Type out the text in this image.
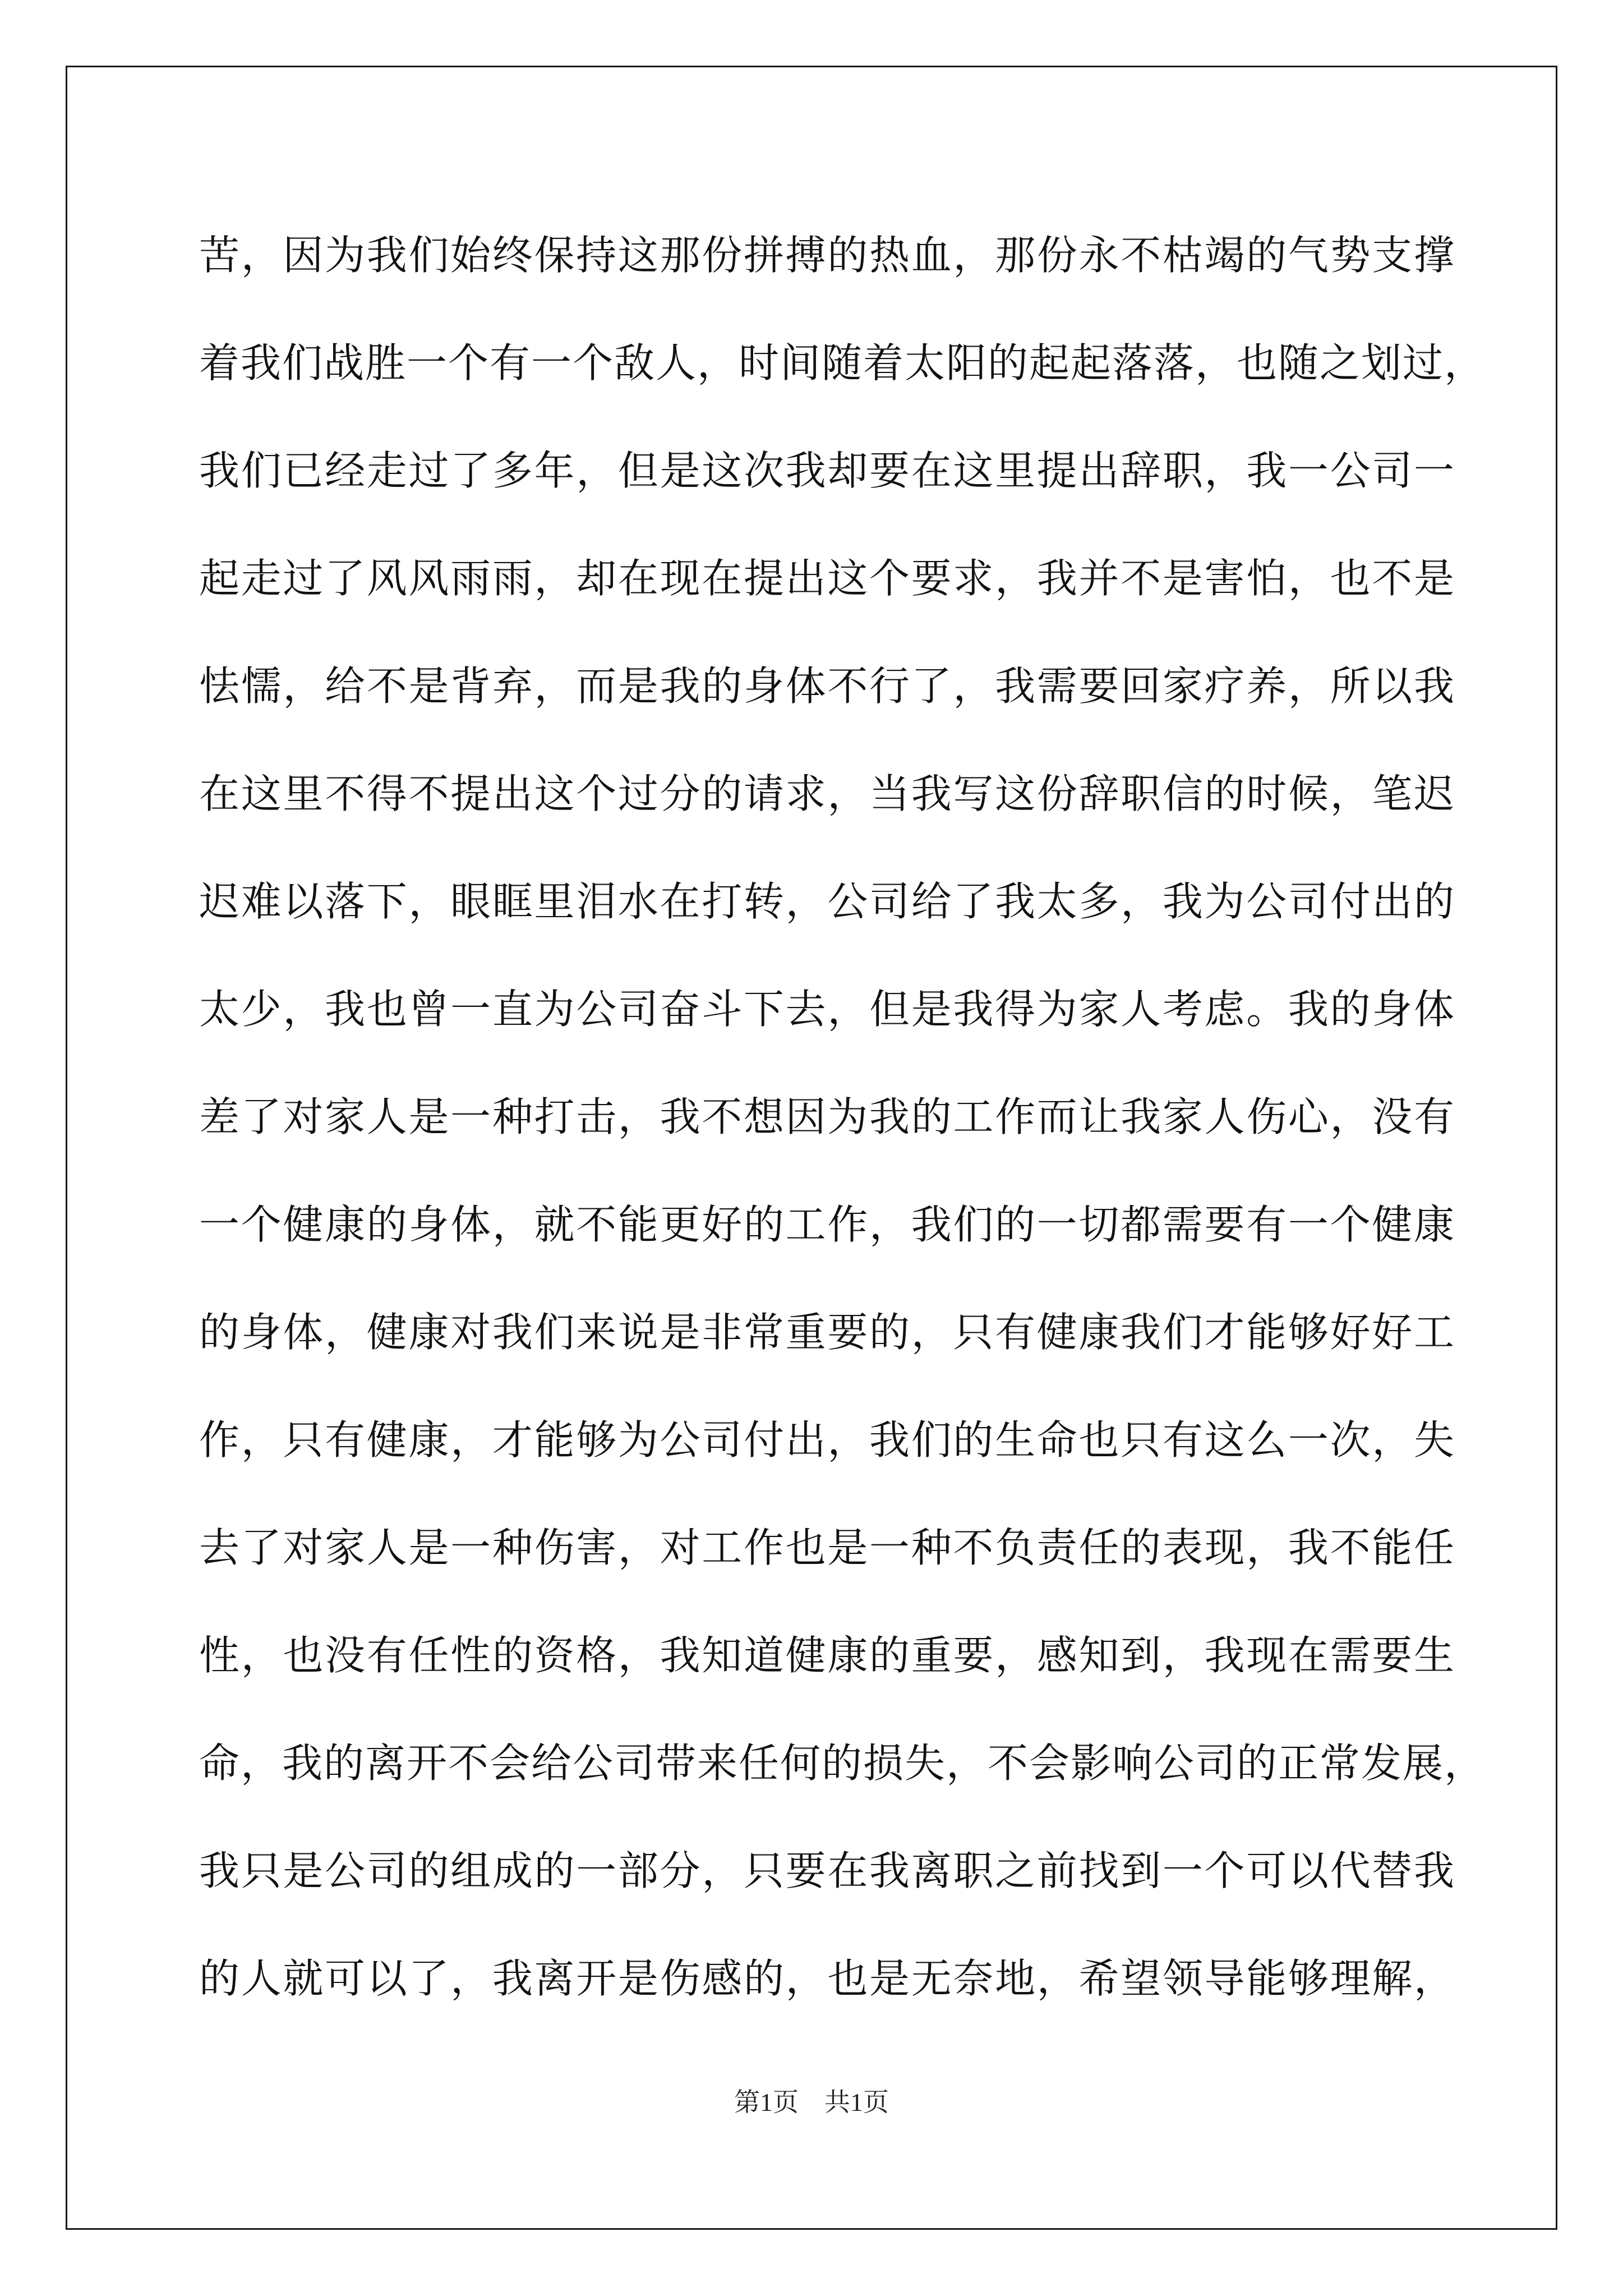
苦，因为我们始终保持这那份拼搏的热血，那份永不枯竭的气势支撑
着我们战胜一个有一个敌人，时间随着太阳的起起落落，也随之划过，
我们已经走过了多年，但是这次我却要在这里提出辞职，我一公司一
起走过了风风雨雨，却在现在提出这个要求，我并不是害怕，也不是
怯懦，给不是背弃，而是我的身体不行了，我需要回家疗养，所以我
在这里不得不提出这个过分的请求，当我写这份辞职信的时候，笔迟
迟难以落下，眼眶里泪水在打转，公司给了我太多，我为公司付出的
太少，我也曾一直为公司奋斗下去，但是我得为家人考虑。我的身体
差了对家人是一种打击，我不想因为我的工作而让我家人伤心，没有
一个健康的身体，就不能更好的工作，我们的一切都需要有一个健康
的身体，健康对我们来说是非常重要的，只有健康我们才能够好好工
作，只有健康，才能够为公司付出，我们的生命也只有这么一次，失
去了对家人是一种伤害，对工作也是一种不负责任的表现，我不能任
性，也没有任性的资格，我知道健康的重要，感知到，我现在需要生
命，我的离开不会给公司带来任何的损失，不会影响公司的正常发展，
我只是公司的组成的一部分，只要在我离职之前找到一个可以代替我
的人就可以了，我离开是伤感的，也是无奈地，希望领导能够理解，
第1页　共1页
